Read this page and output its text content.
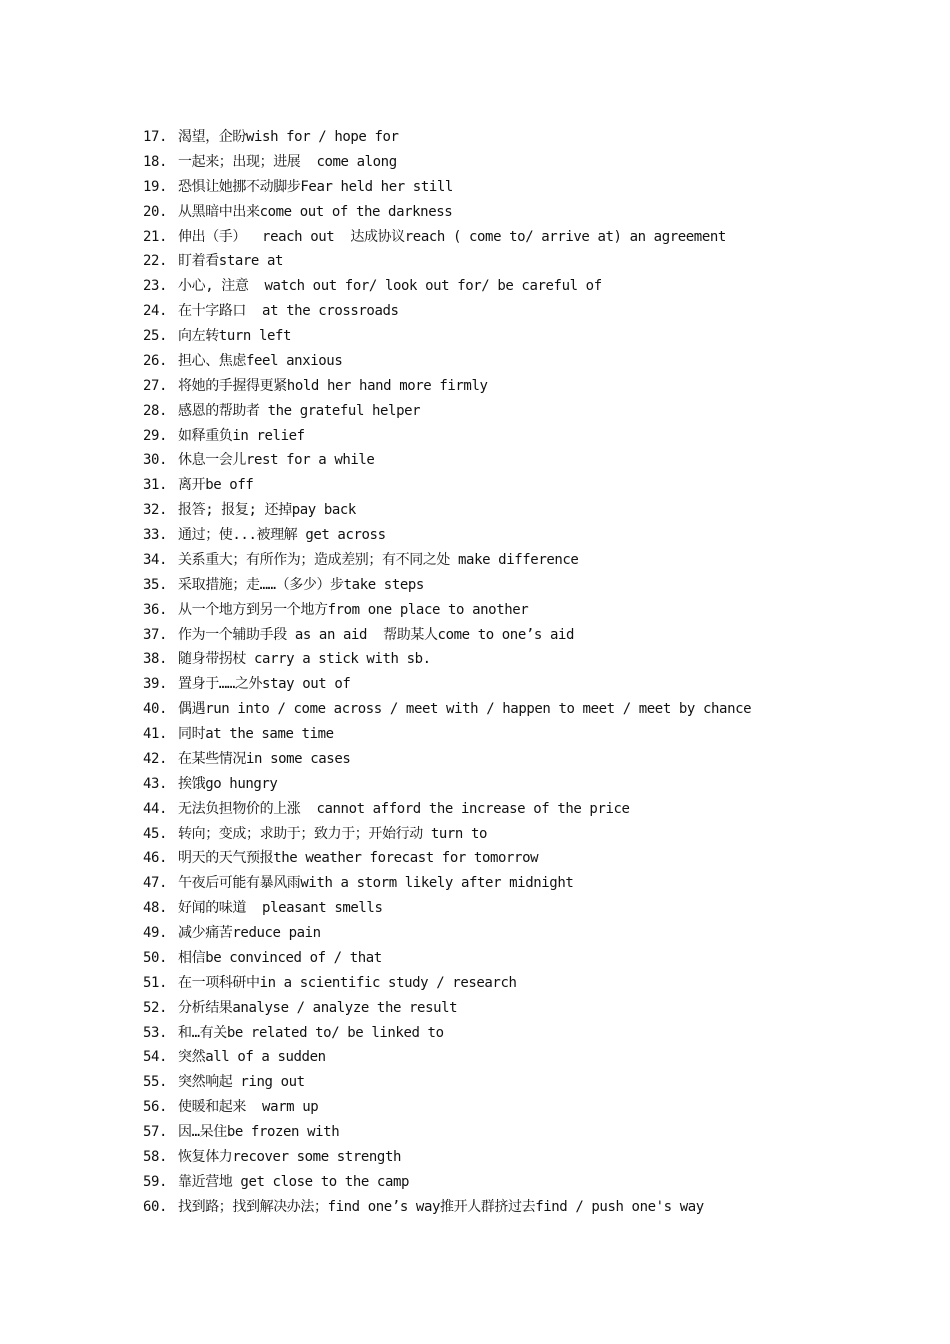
17. 渴望，企盼wish for / hope for
18. 一起来；出现；进展  come along
19. 恐惧让她挪不动脚步Fear held her still
20. 从黑暗中出来come out of the darkness
21. 伸出（手）  reach out  达成协议reach ( come to/ arrive at) an agreement
22. 盯着看stare at
23. 小心, 注意  watch out for/ look out for/ be careful of
24. 在十字路口  at the crossroads
25. 向左转turn left
26. 担心、焦虑feel anxious
27. 将她的手握得更紧hold her hand more firmly
28. 感恩的帮助者 the grateful helper
29. 如释重负in relief
30. 休息一会儿rest for a while
31. 离开be off
32. 报答; 报复; 还掉pay back
33. 通过；使...被理解 get across
34. 关系重大；有所作为；造成差别；有不同之处 make difference
35. 采取措施；走……（多少）步take steps
36. 从一个地方到另一个地方from one place to another
37. 作为一个辅助手段 as an aid  帮助某人come to one’s aid
38. 随身带拐杖 carry a stick with sb.
39. 置身于……之外stay out of
40. 偶遇run into / come across / meet with / happen to meet / meet by chance
41. 同时at the same time
42. 在某些情况in some cases
43. 挨饿go hungry
44. 无法负担物价的上涨  cannot afford the increase of the price
45. 转向；变成；求助于；致力于；开始行动 turn to
46. 明天的天气预报the weather forecast for tomorrow
47. 午夜后可能有暴风雨with a storm likely after midnight
48. 好闻的味道  pleasant smells
49. 减少痛苦reduce pain
50. 相信be convinced of / that
51. 在一项科研中in a scientific study / research
52. 分析结果analyse / analyze the result
53. 和…有关be related to/ be linked to
54. 突然all of a sudden
55. 突然响起 ring out
56. 使暖和起来  warm up
57. 因…呆住be frozen with
58. 恢复体力recover some strength
59. 靠近营地 get close to the camp
60. 找到路；找到解决办法；find one’s way推开人群挤过去find / push one's way
